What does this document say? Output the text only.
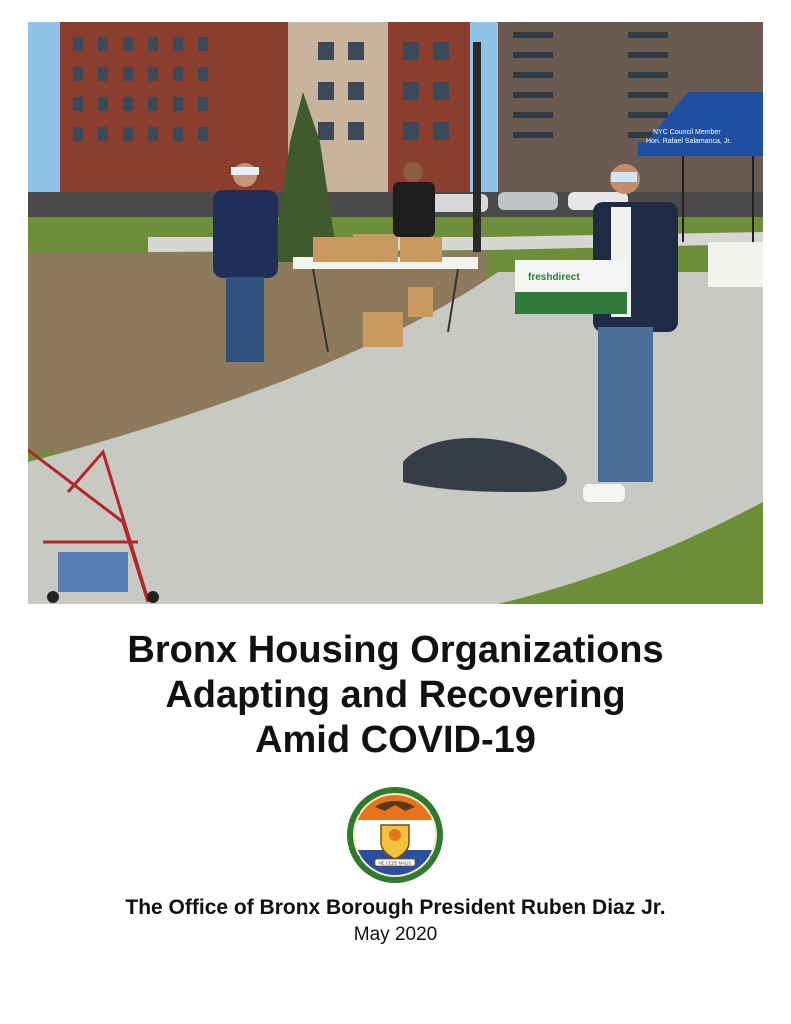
NYC Council Member
Hon. Rafael Salamanca, Jr.
freshdirect
Bronx Housing Organizations
Adapting and Recovering
Amid COVID-19
NE CEDE MALIS
The Office of Bronx Borough President Ruben Diaz Jr.
May 2020
